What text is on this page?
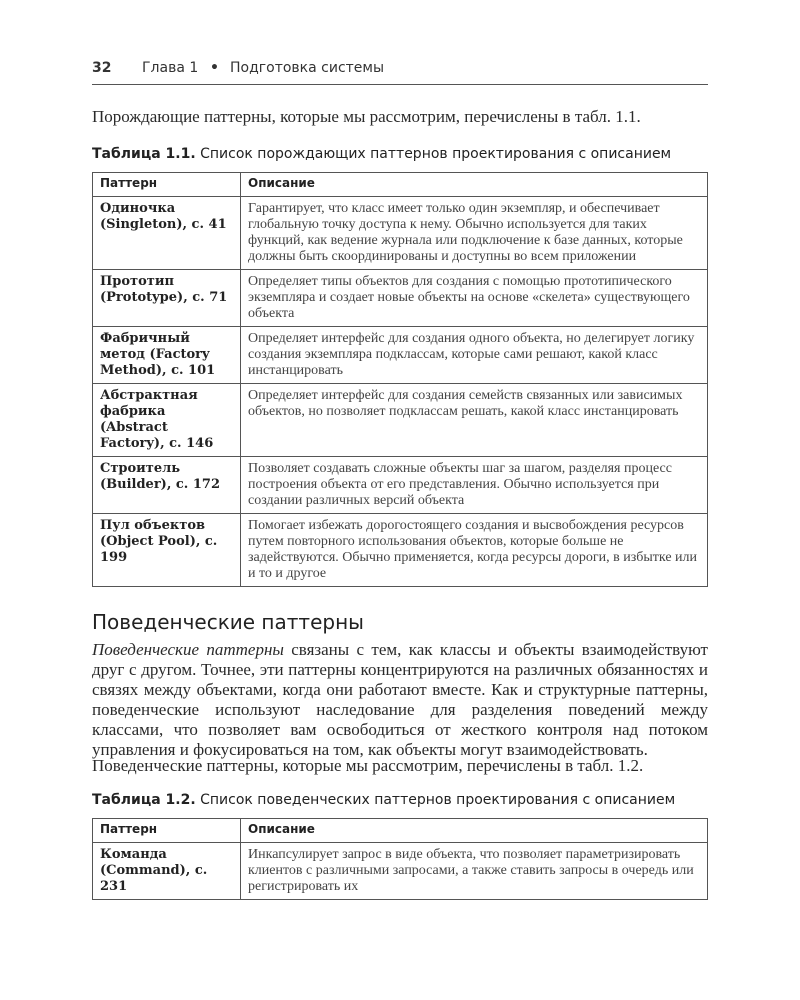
32 Глава 1 • Подготовка системы
Порождающие паттерны, которые мы рассмотрим, перечислены в табл. 1.1.
Таблица 1.1. Список порождающих паттернов проектирования с описанием
Паттерн	Описание
Одиночка (Singleton), с. 41	Гарантирует, что класс имеет только один экземпляр, и обеспечивает глобальную точку доступа к нему. Обычно используется для таких функций, как ведение журнала или подключение к базе данных, которые должны быть скоординированы и доступны во всем приложении
Прототип (Prototype), с. 71	Определяет типы объектов для создания с помощью прототипического экземпляра и создает новые объекты на основе «скелета» существующего объекта
Фабричный метод (Factory Method), с. 101	Определяет интерфейс для создания одного объекта, но делегирует логику создания экземпляра подклассам, которые сами решают, какой класс инстанцировать
Абстрактная фабрика (Abstract Factory), с. 146	Определяет интерфейс для создания семейств связанных или зависимых объектов, но позволяет подклассам решать, какой класс инстанцировать
Строитель (Builder), с. 172	Позволяет создавать сложные объекты шаг за шагом, разделяя процесс построения объекта от его представления. Обычно используется при создании различных версий объекта
Пул объектов (Object Pool), с. 199	Помогает избежать дорогостоящего создания и высвобождения ресурсов путем повторного использования объектов, которые больше не задействуются. Обычно применяется, когда ресурсы дороги, в избытке или и то и другое
Поведенческие паттерны
Поведенческие паттерны связаны с тем, как классы и объекты взаимодействуют друг с другом. Точнее, эти паттерны концентрируются на различных обязанностях и связях между объектами, когда они работают вместе. Как и структурные паттерны, поведенческие используют наследование для разделения поведений между классами, что позволяет вам освободиться от жесткого контроля над потоком управления и фокусироваться на том, как объекты могут взаимодействовать.
Поведенческие паттерны, которые мы рассмотрим, перечислены в табл. 1.2.
Таблица 1.2. Список поведенческих паттернов проектирования с описанием
Паттерн	Описание
Команда (Command), с. 231	Инкапсулирует запрос в виде объекта, что позволяет параметризировать клиентов с различными запросами, а также ставить запросы в очередь или регистрировать их
